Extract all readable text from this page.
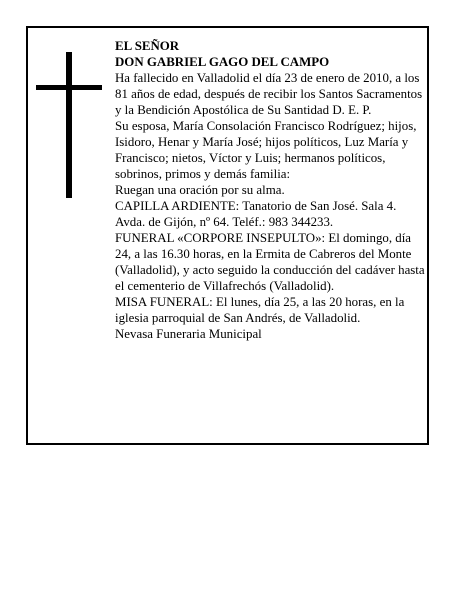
EL SEÑOR

DON GABRIEL GAGO DEL CAMPO

Ha fallecido en Valladolid el día 23 de enero de 2010, a los 81 años de edad, después de recibir los Santos Sacramentos y la Bendición Apostólica de Su Santidad D. E. P.

Su esposa, María Consolación Francisco Rodríguez; hijos, Isidoro, Henar y María José; hijos políticos, Luz María y Francisco; nietos, Víctor y Luis; hermanos políticos, sobrinos, primos y demás familia:

Ruegan una oración por su alma.

CAPILLA ARDIENTE: Tanatorio de San José. Sala 4. Avda. de Gijón, nº 64. Teléf.: 983 344233.

FUNERAL «CORPORE INSEPULTO»: El domingo, día 24, a las 16.30 horas, en la Ermita de Cabreros del Monte (Valladolid), y acto seguido la conducción del cadáver hasta el cementerio de Villafrechós (Valladolid).

MISA FUNERAL: El lunes, día 25, a las 20 horas, en la iglesia parroquial de San Andrés, de Valladolid.

Nevasa Funeraria Municipal
